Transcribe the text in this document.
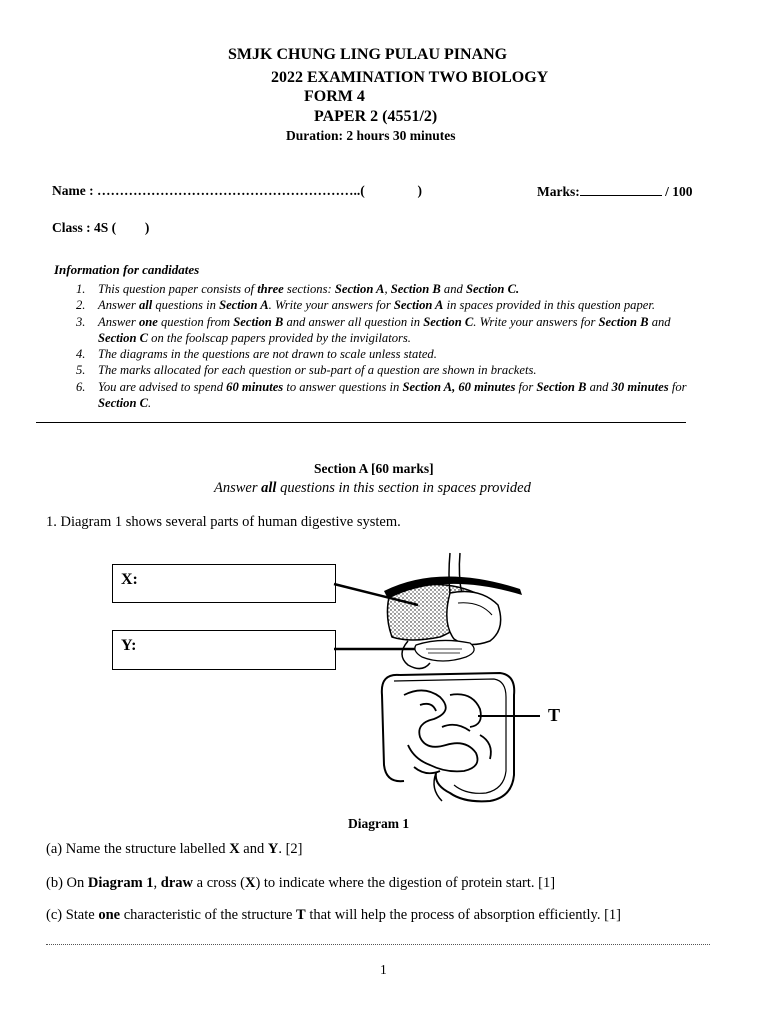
SMJK CHUNG LING PULAU PINANG
2022 EXAMINATION TWO BIOLOGY
FORM 4
PAPER 2 (4551/2)
Duration: 2 hours 30 minutes
Name : …………………………………………………..(	)	Marks:	/ 100
Class : 4S ( )
Information for candidates
1. This question paper consists of three sections: Section A, Section B and Section C.
2. Answer all questions in Section A. Write your answers for Section A in spaces provided in this question paper.
3. Answer one question from Section B and answer all question in Section C. Write your answers for Section B and Section C on the foolscap papers provided by the invigilators.
4. The diagrams in the questions are not drawn to scale unless stated.
5. The marks allocated for each question or sub-part of a question are shown in brackets.
6. You are advised to spend 60 minutes to answer questions in Section A, 60 minutes for Section B and 30 minutes for Section C.
Section A [60 marks]
Answer all questions in this section in spaces provided
1. Diagram 1 shows several parts of human digestive system.
X:
Y:
T
Diagram 1
(a) Name the structure labelled X and Y. [2]
(b) On Diagram 1, draw a cross (X) to indicate where the digestion of protein start. [1]
(c) State one characteristic of the structure T that will help the process of absorption efficiently. [1]
1
